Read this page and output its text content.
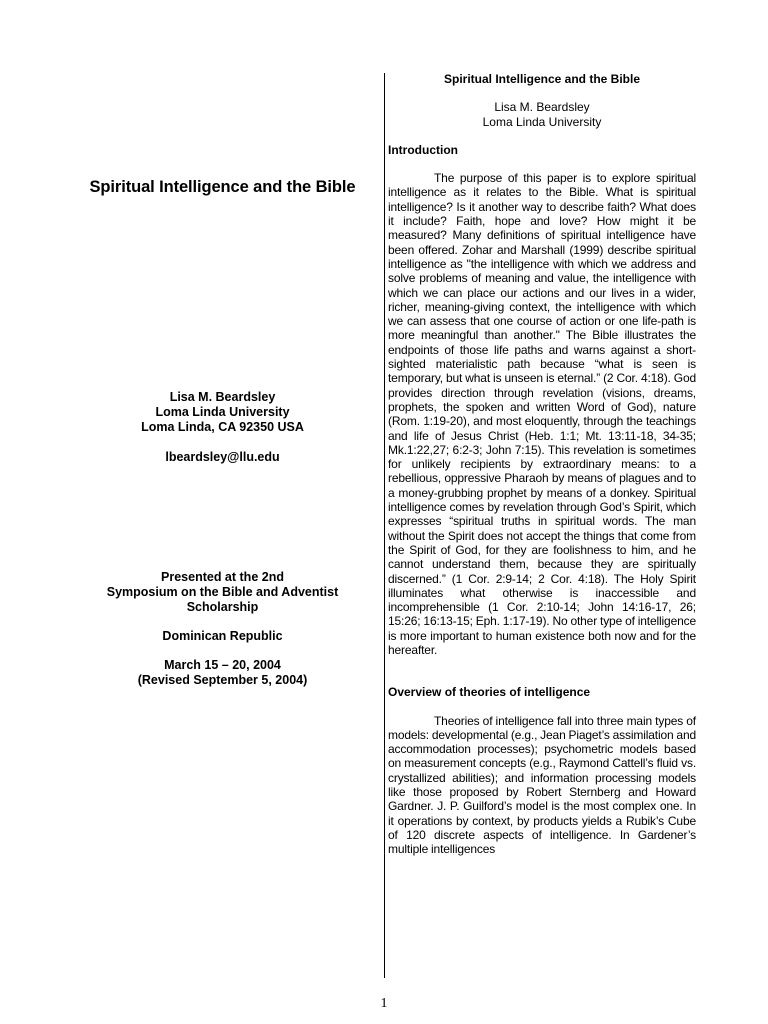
Spiritual Intelligence and the Bible
Lisa M. Beardsley
Loma Linda University
Loma Linda, CA 92350 USA
lbeardsley@llu.edu
Presented at the 2nd
Symposium on the Bible and Adventist
Scholarship
Dominican Republic
March 15 – 20, 2004
(Revised September 5, 2004)
Spiritual Intelligence and the Bible
Lisa M. Beardsley
Loma Linda University
Introduction
The purpose of this paper is to explore spiritual intelligence as it relates to the Bible. What is spiritual intelligence? Is it another way to describe faith? What does it include? Faith, hope and love? How might it be measured? Many definitions of spiritual intelligence have been offered. Zohar and Marshall (1999) describe spiritual intelligence as "the intelligence with which we address and solve problems of meaning and value, the intelligence with which we can place our actions and our lives in a wider, richer, meaning-giving context, the intelligence with which we can assess that one course of action or one life-path is more meaningful than another." The Bible illustrates the endpoints of those life paths and warns against a short-sighted materialistic path because “what is seen is temporary, but what is unseen is eternal.” (2 Cor. 4:18). God provides direction through revelation (visions, dreams, prophets, the spoken and written Word of God), nature (Rom. 1:19-20), and most eloquently, through the teachings and life of Jesus Christ (Heb. 1:1; Mt. 13:11-18, 34-35; Mk.1:22,27; 6:2-3; John 7:15). This revelation is sometimes for unlikely recipients by extraordinary means: to a rebellious, oppressive Pharaoh by means of plagues and to a money-grubbing prophet by means of a donkey. Spiritual intelligence comes by revelation through God’s Spirit, which expresses “spiritual truths in spiritual words. The man without the Spirit does not accept the things that come from the Spirit of God, for they are foolishness to him, and he cannot understand them, because they are spiritually discerned.” (1 Cor. 2:9-14; 2 Cor. 4:18). The Holy Spirit illuminates what otherwise is inaccessible and incomprehensible (1 Cor. 2:10-14; John 14:16-17, 26; 15:26; 16:13-15; Eph. 1:17-19). No other type of intelligence is more important to human existence both now and for the hereafter.
Overview of theories of intelligence
Theories of intelligence fall into three main types of models: developmental (e.g., Jean Piaget’s assimilation and accommodation processes); psychometric models based on measurement concepts (e.g., Raymond Cattell’s fluid vs. crystallized abilities); and information processing models like those proposed by Robert Sternberg and Howard Gardner. J. P. Guilford’s model is the most complex one. In it operations by context, by products yields a Rubik’s Cube of 120 discrete aspects of intelligence. In Gardener’s multiple intelligences
1
